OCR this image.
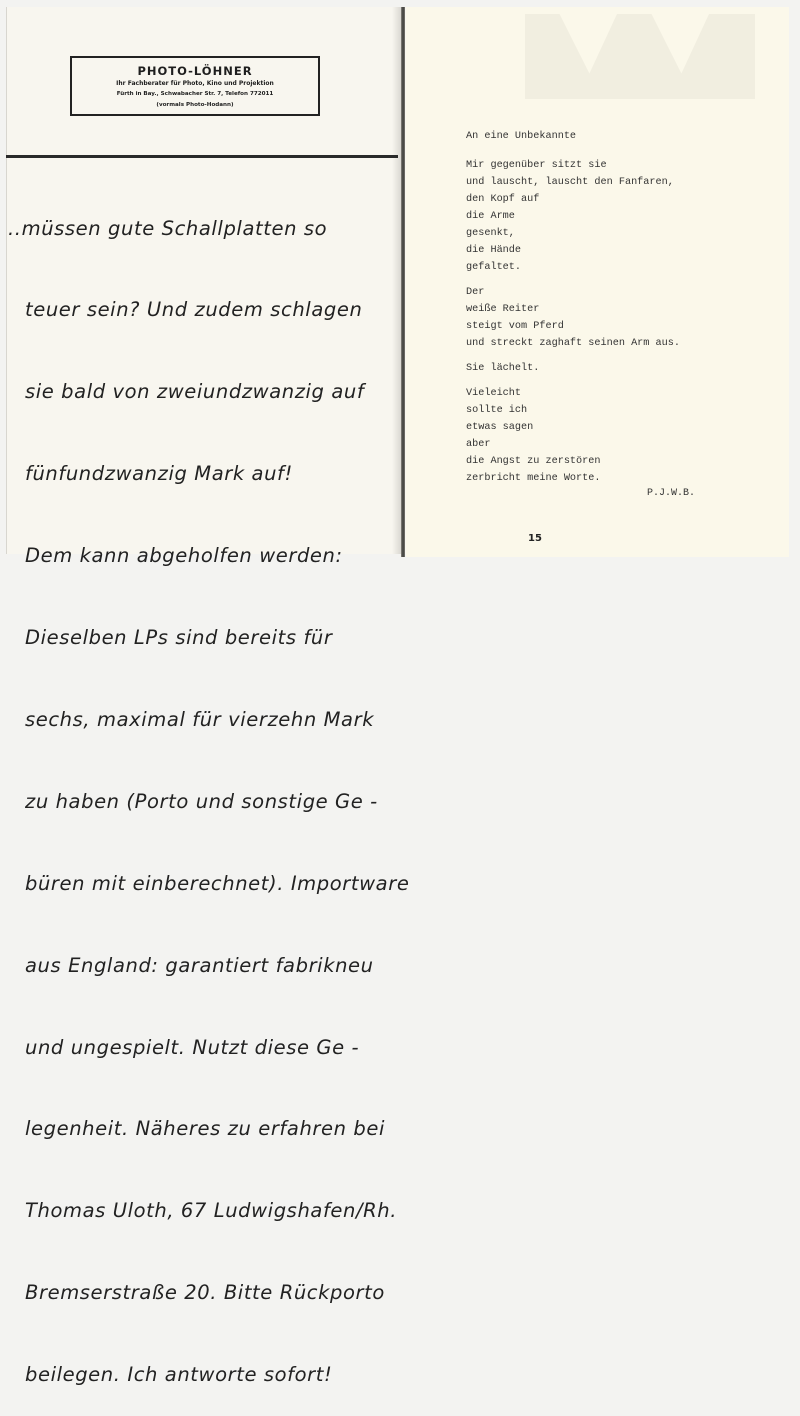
PHOTO-LÖHNER
Ihr Fachberater für Photo, Kino und Projektion
Fürth in Bay., Schwabacher Str. 7, Telefon 772011
(vormals Photo-Hodann)

..müssen gute Schallplatten so

teuer sein? Und zudem schlagen

sie bald von zweiundzwanzig auf

fünfundzwanzig Mark auf!

Dem kann abgeholfen werden:

Dieselben LPs sind bereits für

sechs, maximal für vierzehn Mark

zu haben (Porto und sonstige Ge -

büren mit einberechnet). Importware

aus England: garantiert fabrikneu

und ungespielt. Nutzt diese Ge -

legenheit. Näheres zu erfahren bei

Thomas Uloth, 67 Ludwigshafen/Rh.

Bremserstraße 20. Bitte Rückporto

beilegen. Ich antworte sofort!

An eine Unbekannte
Mir gegenüber sitzt sie
und lauscht, lauscht den Fanfaren,
den Kopf auf
die Arme
gesenkt,
die Hände
gefaltet.
Der
weiße Reiter
steigt vom Pferd
und streckt zaghaft seinen Arm aus.
Sie lächelt.
Vieleicht
sollte ich
etwas sagen
aber
die Angst zu zerstören
zerbricht meine Worte.
P.J.W.B.
15
